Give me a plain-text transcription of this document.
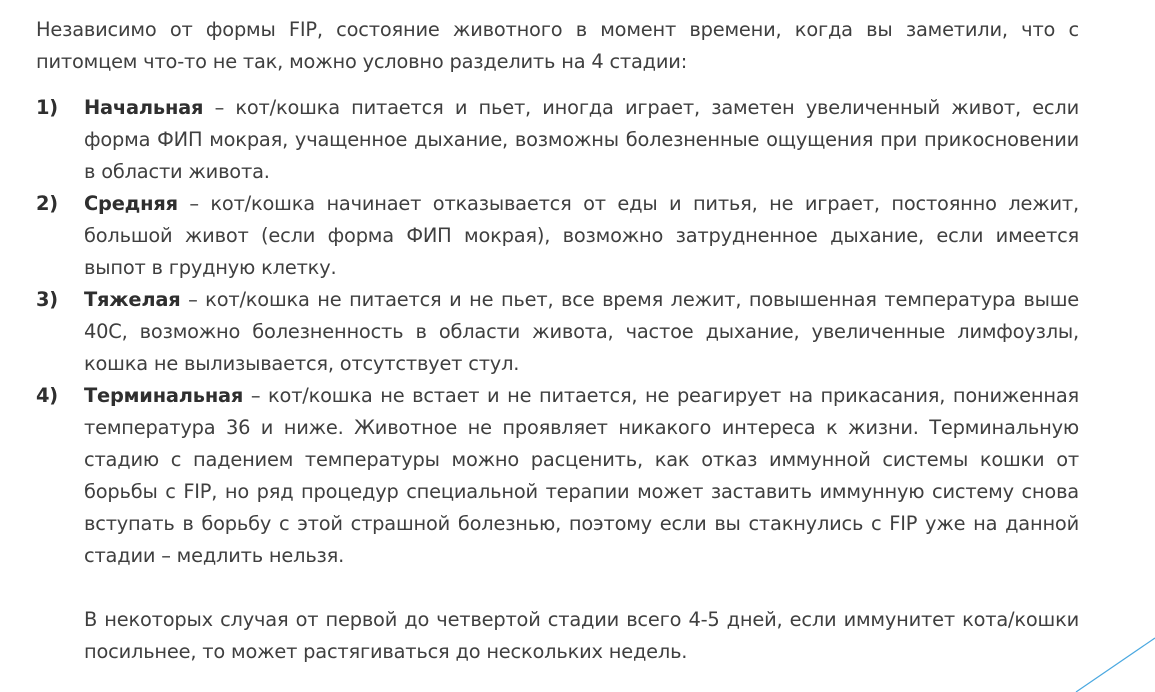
Независимо от формы FIP, состояние животного в момент времени, когда вы заметили, что с питомцем что-то не так, можно условно разделить на 4 стадии:

1)	Начальная – кот/кошка питается и пьет, иногда играет, заметен увеличенный живот, если форма ФИП мокрая, учащенное дыхание, возможны болезненные ощущения при прикосновении в области живота.

2)	Средняя – кот/кошка начинает отказывается от еды и питья, не играет, постоянно лежит, большой живот (если форма ФИП мокрая), возможно затрудненное дыхание, если имеется выпот в грудную клетку.

3)	Тяжелая – кот/кошка не питается и не пьет, все время лежит, повышенная температура выше 40С, возможно болезненность в области живота, частое дыхание, увеличенные лимфоузлы, кошка не вылизывается, отсутствует стул.

4)	Терминальная – кот/кошка не встает и не питается, не реагирует на прикасания, пониженная температура 36 и ниже. Животное не проявляет никакого интереса к жизни. Терминальную стадию с падением температуры можно расценить, как отказ иммунной системы кошки от борьбы с FIP, но ряд процедур специальной терапии может заставить иммунную систему снова вступать в борьбу с этой страшной болезнью, поэтому если вы стакнулись с FIP уже на данной стадии – медлить нельзя.

В некоторых случая от первой до четвертой стадии всего 4-5 дней, если иммунитет кота/кошки посильнее, то может растягиваться до нескольких недель.
